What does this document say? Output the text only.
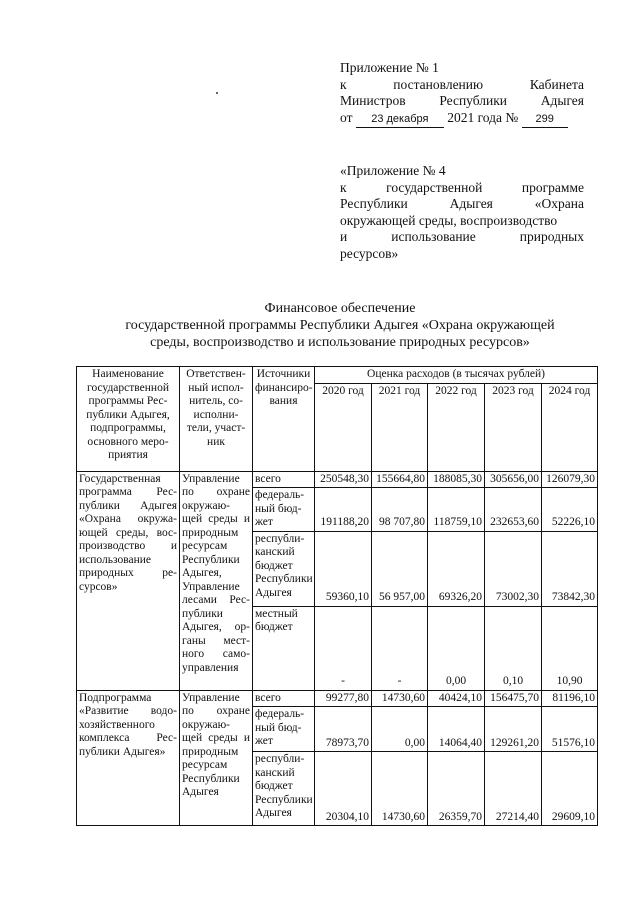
Приложение № 1
к	постановлению	Кабинета
Министров Республики Адыгея
от 23 декабря 2021 года № 299
«Приложение № 4
к	государственной	программе
Республики	Адыгея	«Охрана
окружающей среды, воспроизводство
и	использование	природных
ресурсов»
Финансовое обеспечение
государственной программы Республики Адыгея «Охрана окружающей
среды, воспроизводство и использование природных ресурсов»
Наименование государственной программы Рес-публики Адыгея, подпрограммы, основного меро-приятия	Ответствен-ный испол-нитель, со-исполни-тели, участ-ник	Источники финансиро-вания	Оценка расходов (в тысячах рублей)				
			2020 год	2021 год	2022 год	2023 год	2024 год
Государственная программа Рес-публики Адыгея «Охрана окружа-ющей среды, вос-производство и использование природных ре-сурсов»	Управление по охране окружаю-щей среды и природным ресурсам Республики Адыгея, Управление лесами Рес-публики Адыгея, ор-ганы мест-ного само-управления	всего	250548,30	155664,80	188085,30	305656,00	126079,30
		федераль-ный бюд-жет	191188,20	98 707,80	118759,10	232653,60	52226,10
		республи-канский бюджет Республики Адыгея	59360,10	56 957,00	69326,20	73002,30	73842,30
		местный бюджет	-	-	0,00	0,10	10,90
Подпрограмма «Развитие водо-хозяйственного комплекса Рес-публики Адыгея»	Управление по охране окружаю-щей среды и природным ресурсам Республики Адыгея	всего	99277,80	14730,60	40424,10	156475,70	81196,10
		федераль-ный бюд-жет	78973,70	0,00	14064,40	129261,20	51576,10
		республи-канский бюджет Республики Адыгея	20304,10	14730,60	26359,70	27214,40	29609,10
